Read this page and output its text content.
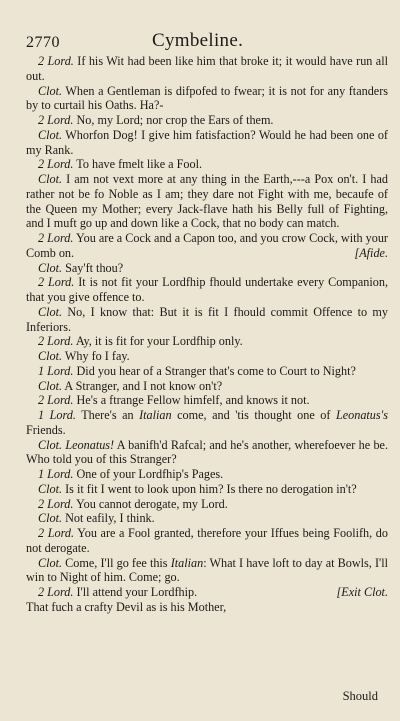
2770	Cymbeline.

2 Lord. If his Wit had been like him that broke it; it would have run all out.

Clot. When a Gentleman is difpofed to fwear; it is not for any ftanders by to curtail his Oaths. Ha?-

2 Lord. No, my Lord; nor crop the Ears of them.

Clot. Whorfon Dog! I give him fatisfaction? Would he had been one of my Rank.

2 Lord. To have fmelt like a Fool.

Clot. I am not vext more at any thing in the Earth,---a Pox on't. I had rather not be fo Noble as I am; they dare not Fight with me, becaufe of the Queen my Mother; every Jack-flave hath his Belly full of Fighting, and I muft go up and down like a Cock, that no body can match.

2 Lord. You are a Cock and a Capon too, and you crow Cock, with your Comb on.	[Afide.

Clot. Say'ft thou?

2 Lord. It is not fit your Lordfhip fhould undertake every Companion, that you give offence to.

Clot. No, I know that: But it is fit I fhould commit Offence to my Inferiors.

2 Lord. Ay, it is fit for your Lordfhip only.

Clot. Why fo I fay.

1 Lord. Did you hear of a Stranger that's come to Court to Night?

Clot. A Stranger, and I not know on't?

2 Lord. He's a ftrange Fellow himfelf, and knows it not.

1 Lord. There's an Italian come, and 'tis thought one of Leonatus's Friends.

Clot. Leonatus! A banifh'd Rafcal; and he's another, wherefoever he be. Who told you of this Stranger?

1 Lord. One of your Lordfhip's Pages.

Clot. Is it fit I went to look upon him? Is there no derogation in't?

2 Lord. You cannot derogate, my Lord.

Clot. Not eafily, I think.

2 Lord. You are a Fool granted, therefore your Iffues being Foolifh, do not derogate.

Clot. Come, I'll go fee this Italian: What I have loft to day at Bowls, I'll win to Night of him. Come; go.

2 Lord. I'll attend your Lordfhip.	[Exit Clot.

That fuch a crafty Devil as is his Mother,

Should
